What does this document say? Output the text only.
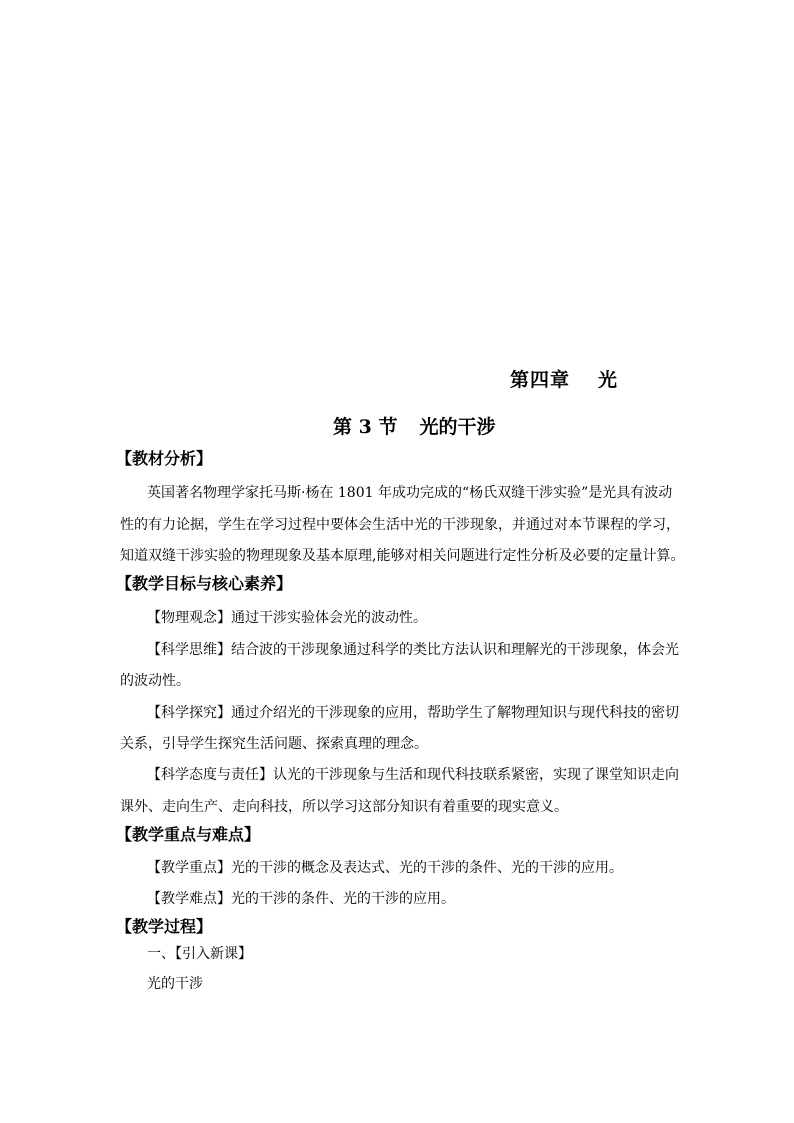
第四章 光
第 3 节 光的干涉
【教材分析】
英国著名物理学家托马斯·杨在 1801 年成功完成的“杨氏双缝干涉实验”是光具有波动
性的有力论据，学生在学习过程中要体会生活中光的干涉现象，并通过对本节课程的学习，
知道双缝干涉实验的物理现象及基本原理,能够对相关问题进行定性分析及必要的定量计算。
【教学目标与核心素养】
【物理观念】通过干涉实验体会光的波动性。
【科学思维】结合波的干涉现象通过科学的类比方法认识和理解光的干涉现象，体会光
的波动性。
【科学探究】通过介绍光的干涉现象的应用，帮助学生了解物理知识与现代科技的密切
关系，引导学生探究生活问题、探索真理的理念。
【科学态度与责任】认光的干涉现象与生活和现代科技联系紧密，实现了课堂知识走向
课外、走向生产、走向科技，所以学习这部分知识有着重要的现实意义。
【教学重点与难点】
【教学重点】光的干涉的概念及表达式、光的干涉的条件、光的干涉的应用。
【教学难点】光的干涉的条件、光的干涉的应用。
【教学过程】
一、【引入新课】
光的干涉
